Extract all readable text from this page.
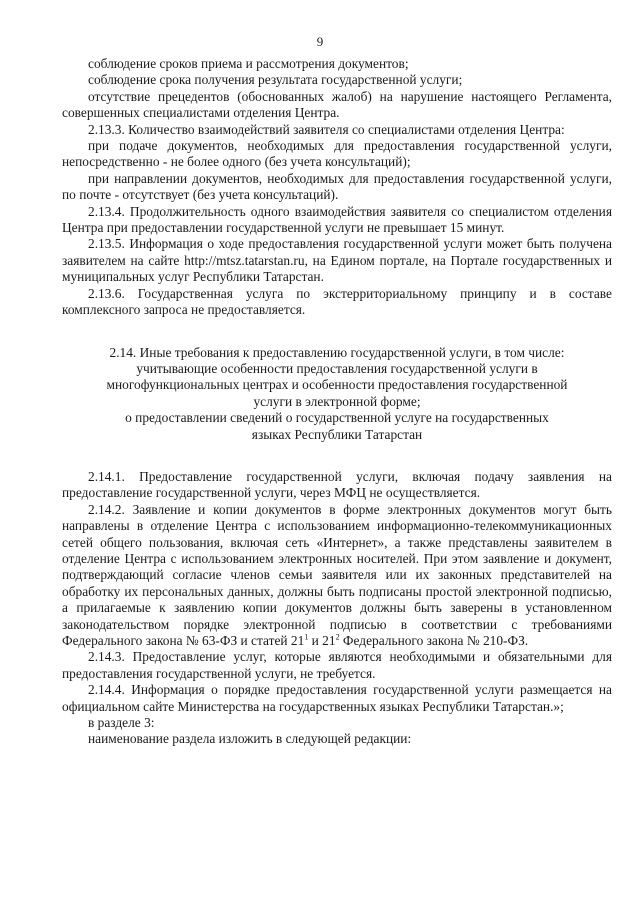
9

соблюдение сроков приема и рассмотрения документов;

соблюдение срока получения результата государственной услуги;

отсутствие прецедентов (обоснованных жалоб) на нарушение настоящего Регламента, совершенных специалистами отделения Центра.

2.13.3. Количество взаимодействий заявителя со специалистами отделения Центра:

при подаче документов, необходимых для предоставления государственной услуги, непосредственно - не более одного (без учета консультаций);

при направлении документов, необходимых для предоставления государственной услуги, по почте - отсутствует (без учета консультаций).

2.13.4. Продолжительность одного взаимодействия заявителя со специалистом отделения Центра при предоставлении государственной услуги не превышает 15 минут.

2.13.5. Информация о ходе предоставления государственной услуги может быть получена заявителем на сайте http://mtsz.tatarstan.ru, на Едином портале, на Портале государственных и муниципальных услуг Республики Татарстан.

2.13.6. Государственная услуга по экстерриториальному принципу и в составе комплексного запроса не предоставляется.

2.14. Иные требования к предоставлению государственной услуги, в том числе:

учитывающие особенности предоставления государственной услуги в

многофункциональных центрах и особенности предоставления государственной

услуги в электронной форме;

о предоставлении сведений о государственной услуге на государственных

языках Республики Татарстан

2.14.1. Предоставление государственной услуги, включая подачу заявления на предоставление государственной услуги, через МФЦ не осуществляется.

2.14.2. Заявление и копии документов в форме электронных документов могут быть направлены в отделение Центра с использованием информационно-телекоммуникационных сетей общего пользования, включая сеть «Интернет», а также представлены заявителем в отделение Центра с использованием электронных носителей. При этом заявление и документ, подтверждающий согласие членов семьи заявителя или их законных представителей на обработку их персональных данных, должны быть подписаны простой электронной подписью, а прилагаемые к заявлению копии документов должны быть заверены в установленном законодательством порядке электронной подписью в соответствии с требованиями Федерального закона № 63-ФЗ и статей $21^1$ и $21^2$ Федерального закона № 210-ФЗ.

2.14.3. Предоставление услуг, которые являются необходимыми и обязательными для предоставления государственной услуги, не требуется.

2.14.4. Информация о порядке предоставления государственной услуги размещается на официальном сайте Министерства на государственных языках Республики Татарстан.»;

в разделе 3:

наименование раздела изложить в следующей редакции:
